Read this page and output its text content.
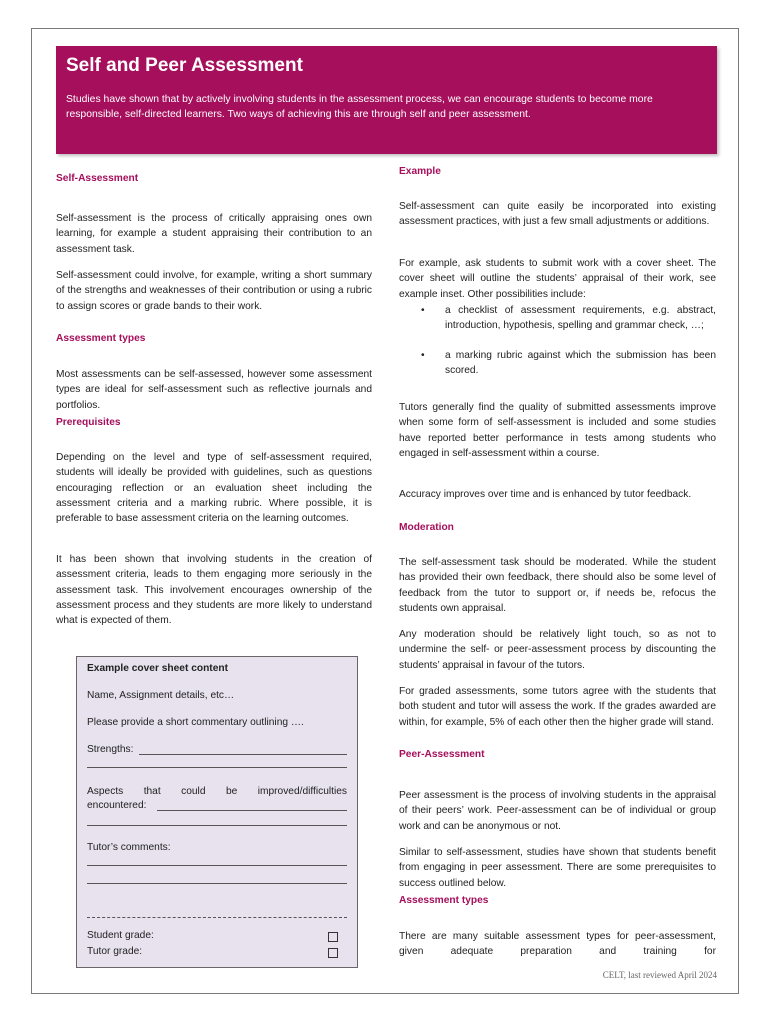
Self and Peer Assessment

Studies have shown that by actively involving students in the assessment process, we can encourage students to become more responsible, self-directed learners. Two ways of achieving this are through self and peer assessment.

Self-Assessment

Self-assessment is the process of critically appraising ones own learning, for example a student appraising their contribution to an assessment task.

Self-assessment could involve, for example, writing a short summary of the strengths and weaknesses of their contribution or using a rubric to assign scores or grade bands to their work.

Assessment types

Most assessments can be self-assessed, however some assessment types are ideal for self-assessment such as reflective journals and portfolios.

Prerequisites

Depending on the level and type of self-assessment required, students will ideally be provided with guidelines, such as questions encouraging reflection or an evaluation sheet including the assessment criteria and a marking rubric. Where possible, it is preferable to base assessment criteria on the learning outcomes.

It has been shown that involving students in the creation of assessment criteria, leads to them engaging more seriously in the assessment task. This involvement encourages ownership of the assessment process and they students are more likely to understand what is expected of them.

Example cover sheet content
Name, Assignment details, etc…
Please provide a short commentary outlining ….
Strengths:
Aspects that could be improved/difficulties
encountered:
Tutor’s comments:
Student grade:
Tutor grade:
Example

Self-assessment can quite easily be incorporated into existing assessment practices, with just a few small adjustments or additions.

For example, ask students to submit work with a cover sheet. The cover sheet will outline the students’ appraisal of their work, see example inset. Other possibilities include:

• a checklist of assessment requirements, e.g. abstract, introduction, hypothesis, spelling and grammar check, …;
• a marking rubric against which the submission has been scored.

Tutors generally find the quality of submitted assessments improve when some form of self-assessment is included and some studies have reported better performance in tests among students who engaged in self-assessment within a course.

Accuracy improves over time and is enhanced by tutor feedback.

Moderation

The self-assessment task should be moderated. While the student has provided their own feedback, there should also be some level of feedback from the tutor to support or, if needs be, refocus the students own appraisal.

Any moderation should be relatively light touch, so as not to undermine the self- or peer-assessment process by discounting the students’ appraisal in favour of the tutors.

For graded assessments, some tutors agree with the students that both student and tutor will assess the work. If the grades awarded are within, for example, 5% of each other then the higher grade will stand.

Peer-Assessment

Peer assessment is the process of involving students in the appraisal of their peers’ work. Peer-assessment can be of individual or group work and can be anonymous or not.

Similar to self-assessment, studies have shown that students benefit from engaging in peer assessment. There are some prerequisites to success outlined below.

Assessment types

There are many suitable assessment types for peer-assessment, given adequate preparation and training for

CELT, last reviewed April 2024
